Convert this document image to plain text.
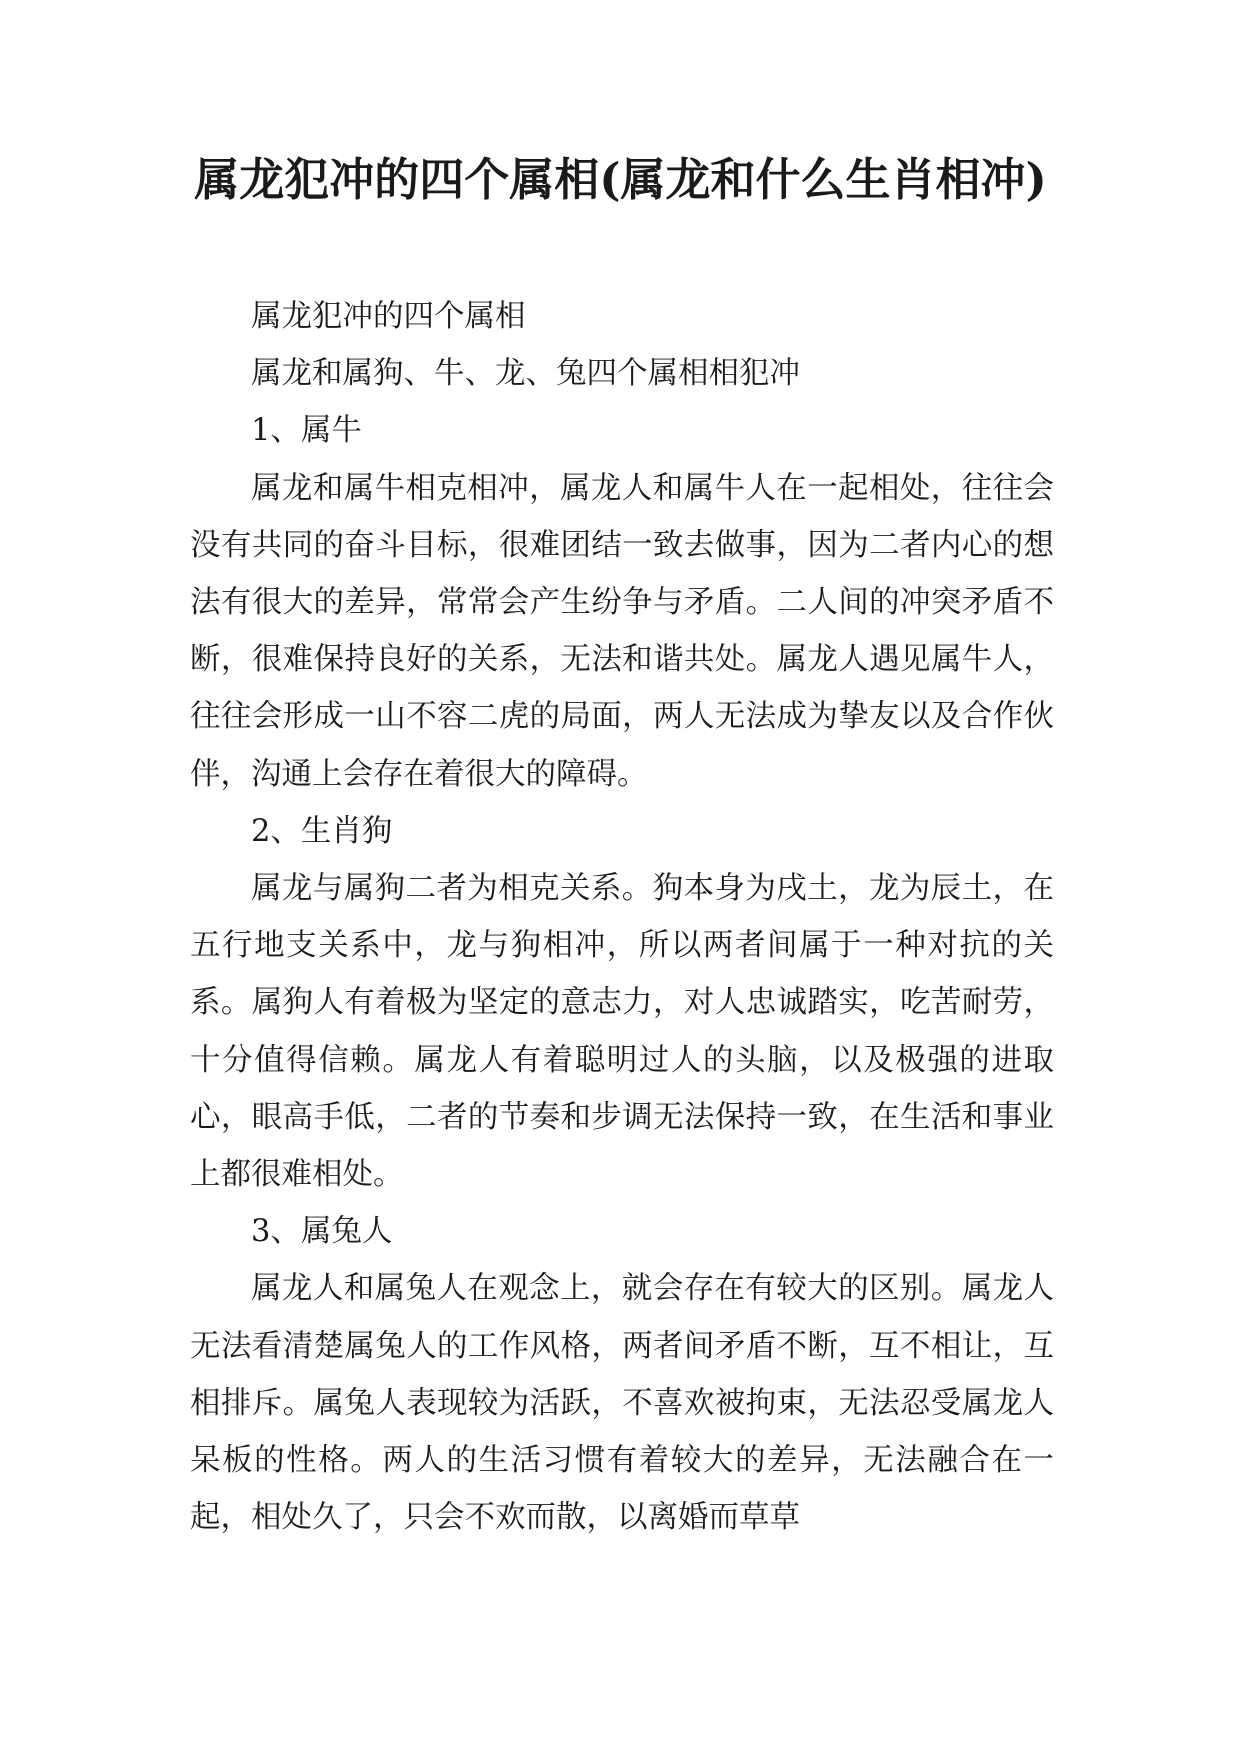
属龙犯冲的四个属相(属龙和什么生肖相冲)

属龙犯冲的四个属相

属龙和属狗、牛、龙、兔四个属相相犯冲

1、属牛

属龙和属牛相克相冲，属龙人和属牛人在一起相处，往往会没有共同的奋斗目标，很难团结一致去做事，因为二者内心的想法有很大的差异，常常会产生纷争与矛盾。二人间的冲突矛盾不断，很难保持良好的关系，无法和谐共处。属龙人遇见属牛人，往往会形成一山不容二虎的局面，两人无法成为挚友以及合作伙伴，沟通上会存在着很大的障碍。

2、生肖狗

属龙与属狗二者为相克关系。狗本身为戌土，龙为辰土，在五行地支关系中，龙与狗相冲，所以两者间属于一种对抗的关系。属狗人有着极为坚定的意志力，对人忠诚踏实，吃苦耐劳，十分值得信赖。属龙人有着聪明过人的头脑，以及极强的进取心，眼高手低，二者的节奏和步调无法保持一致，在生活和事业上都很难相处。

3、属兔人

属龙人和属兔人在观念上，就会存在有较大的区别。属龙人无法看清楚属兔人的工作风格，两者间矛盾不断，互不相让，互相排斥。属兔人表现较为活跃，不喜欢被拘束，无法忍受属龙人呆板的性格。两人的生活习惯有着较大的差异，无法融合在一起，相处久了，只会不欢而散，以离婚而草草
